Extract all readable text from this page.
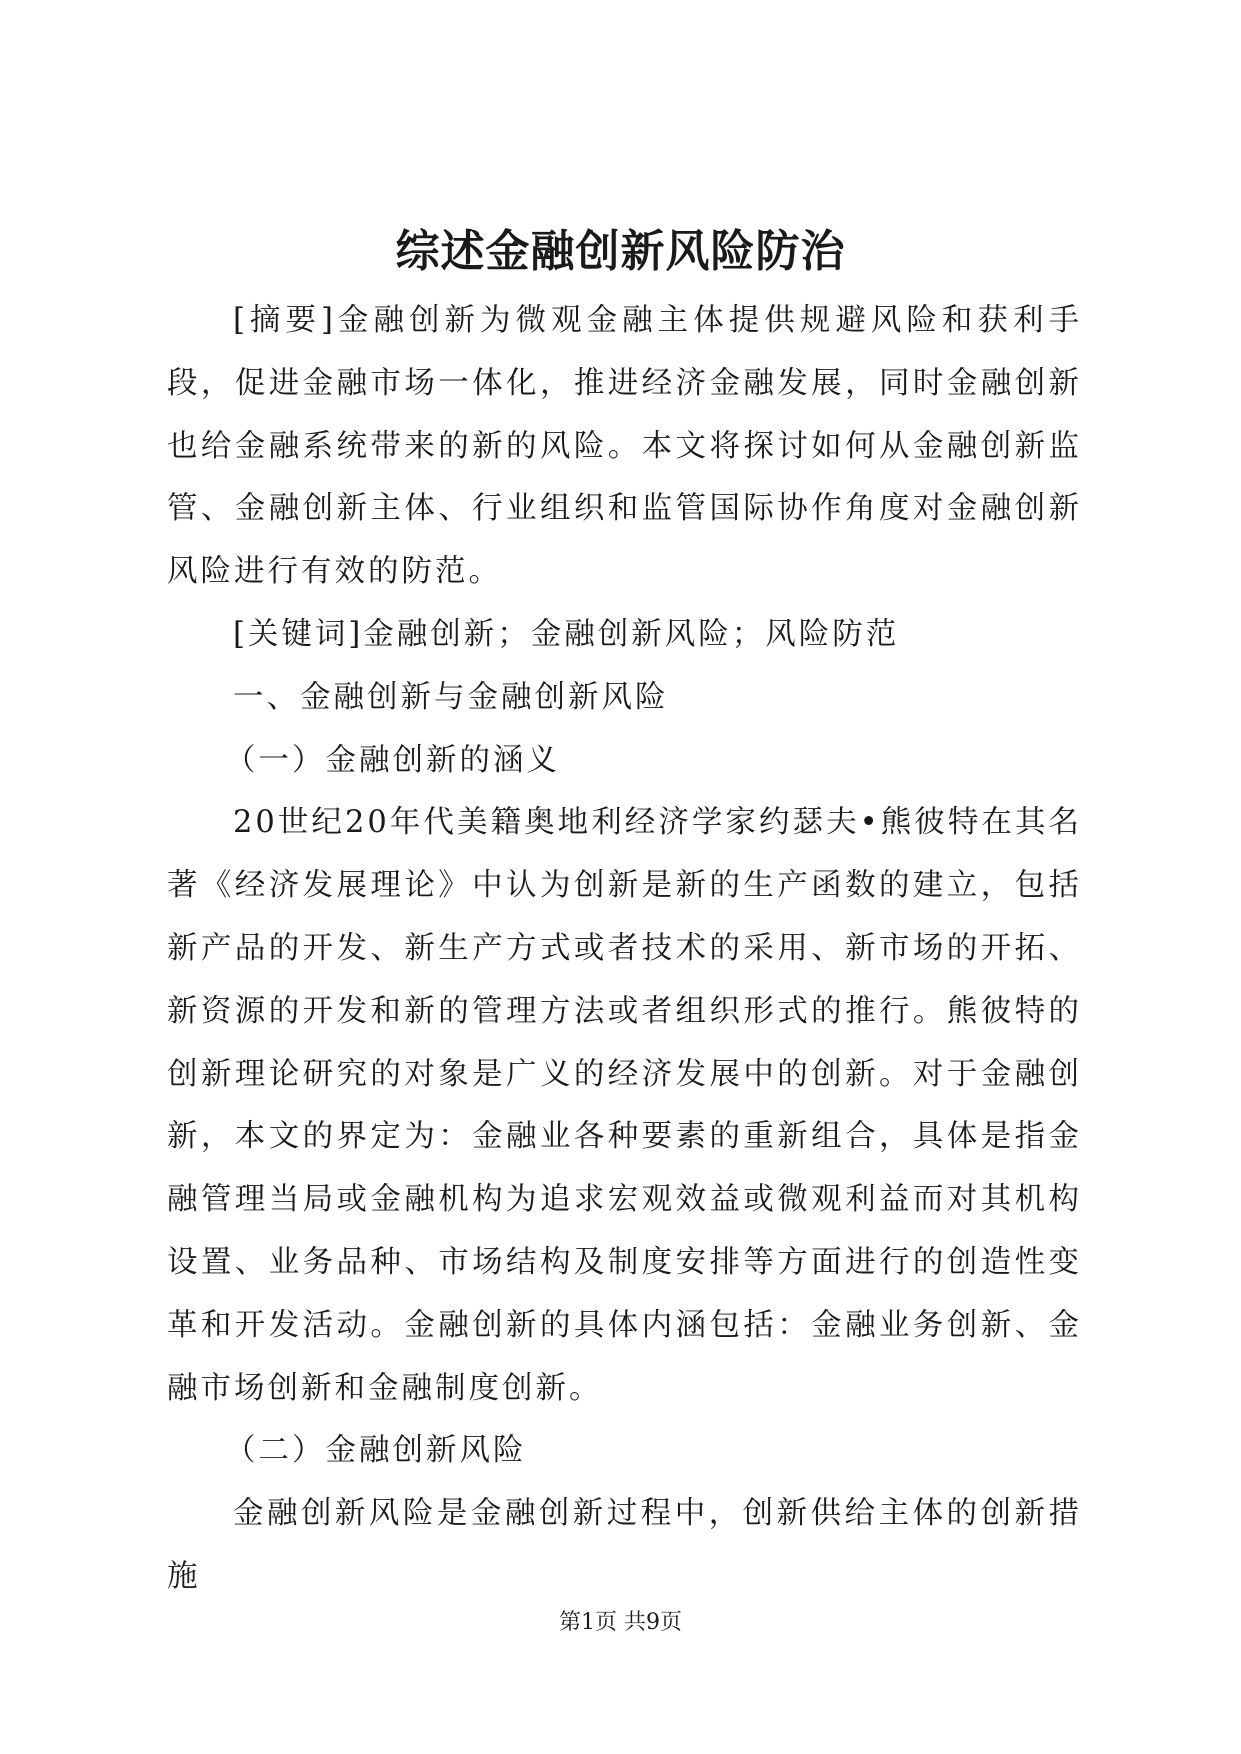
综述金融创新风险防治

[摘要]金融创新为微观金融主体提供规避风险和获利手段，促进金融市场一体化，推进经济金融发展，同时金融创新也给金融系统带来的新的风险。本文将探讨如何从金融创新监管、金融创新主体、行业组织和监管国际协作角度对金融创新风险进行有效的防范。

[关键词]金融创新；金融创新风险；风险防范

一、金融创新与金融创新风险

（一）金融创新的涵义

20世纪20年代美籍奥地利经济学家约瑟夫•熊彼特在其名著《经济发展理论》中认为创新是新的生产函数的建立，包括新产品的开发、新生产方式或者技术的采用、新市场的开拓、新资源的开发和新的管理方法或者组织形式的推行。熊彼特的创新理论研究的对象是广义的经济发展中的创新。对于金融创新，本文的界定为：金融业各种要素的重新组合，具体是指金融管理当局或金融机构为追求宏观效益或微观利益而对其机构设置、业务品种、市场结构及制度安排等方面进行的创造性变革和开发活动。金融创新的具体内涵包括：金融业务创新、金融市场创新和金融制度创新。

（二）金融创新风险

金融创新风险是金融创新过程中，创新供给主体的创新措施

第1页 共9页
